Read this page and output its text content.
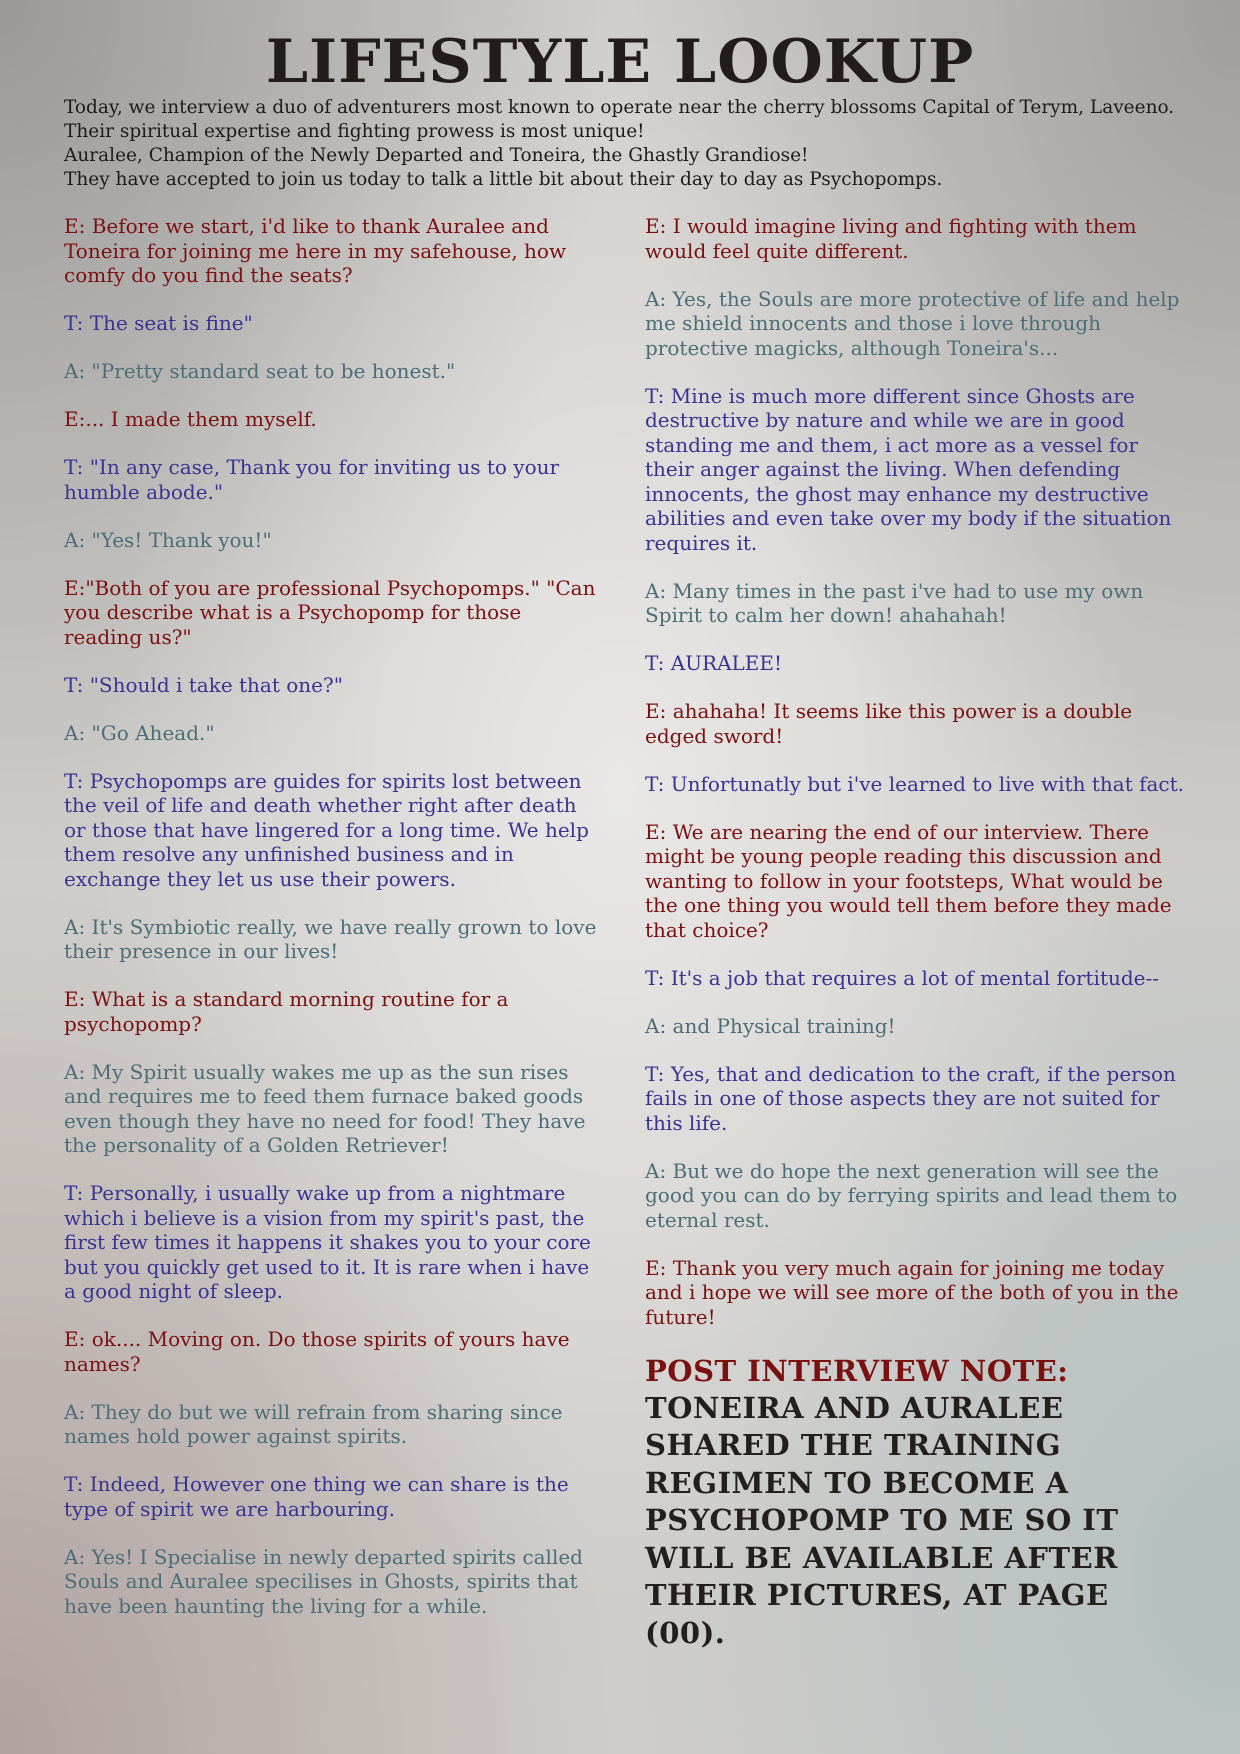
LIFESTYLE LOOKUP

Today, we interview a duo of adventurers most known to operate near the cherry blossoms Capital of Terym, Laveeno. Their spiritual expertise and fighting prowess is most unique!

Auralee, Champion of the Newly Departed and Toneira, the Ghastly Grandiose!

They have accepted to join us today to talk a little bit about their day to day as Psychopomps.

E: Before we start, i'd like to thank Auralee and Toneira for joining me here in my safehouse, how comfy do you find the seats?

T: The seat is fine"

A: "Pretty standard seat to be honest."

E:... I made them myself.

T: "In any case, Thank you for inviting us to your humble abode."

A: "Yes! Thank you!"

E:"Both of you are professional Psychopomps." "Can you describe what is a Psychopomp for those reading us?"

T: "Should i take that one?"

A: "Go Ahead."

T: Psychopomps are guides for spirits lost between the veil of life and death whether right after death or those that have lingered for a long time. We help them resolve any unfinished business and in exchange they let us use their powers.

A: It's Symbiotic really, we have really grown to love their presence in our lives!

E: What is a standard morning routine for a psychopomp?

A: My Spirit usually wakes me up as the sun rises and requires me to feed them furnace baked goods even though they have no need for food! They have the personality of a Golden Retriever!

T: Personally, i usually wake up from a nightmare which i believe is a vision from my spirit's past, the first few times it happens it shakes you to your core but you quickly get used to it. It is rare when i have a good night of sleep.

E: ok.... Moving on. Do those spirits of yours have names?

A: They do but we will refrain from sharing since names hold power against spirits.

T: Indeed, However one thing we can share is the type of spirit we are harbouring.

A: Yes! I Specialise in newly departed spirits called Souls and Auralee specilises in Ghosts, spirits that have been haunting the living for a while.

E: I would imagine living and fighting with them would feel quite different.

A: Yes, the Souls are more protective of life and help me shield innocents and those i love through protective magicks, although Toneira's...

T: Mine is much more different since Ghosts are destructive by nature and while we are in good standing me and them, i act more as a vessel for their anger against the living. When defending innocents, the ghost may enhance my destructive abilities and even take over my body if the situation requires it.

A: Many times in the past i've had to use my own Spirit to calm her down! ahahahah!

T: AURALEE!

E: ahahaha! It seems like this power is a double edged sword!

T: Unfortunatly but i've learned to live with that fact.

E: We are nearing the end of our interview. There might be young people reading this discussion and wanting to follow in your footsteps, What would be the one thing you would tell them before they made that choice?

T: It's a job that requires a lot of mental fortitude--

A: and Physical training!

T: Yes, that and dedication to the craft, if the person fails in one of those aspects they are not suited for this life.

A: But we do hope the next generation will see the good you can do by ferrying spirits and lead them to eternal rest.

E: Thank you very much again for joining me today and i hope we will see more of the both of you in the future!

POST INTERVIEW NOTE:
TONEIRA AND AURALEE SHARED THE TRAINING REGIMEN TO BECOME A PSYCHOPOMP TO ME SO IT WILL BE AVAILABLE AFTER THEIR PICTURES, AT PAGE (00).
